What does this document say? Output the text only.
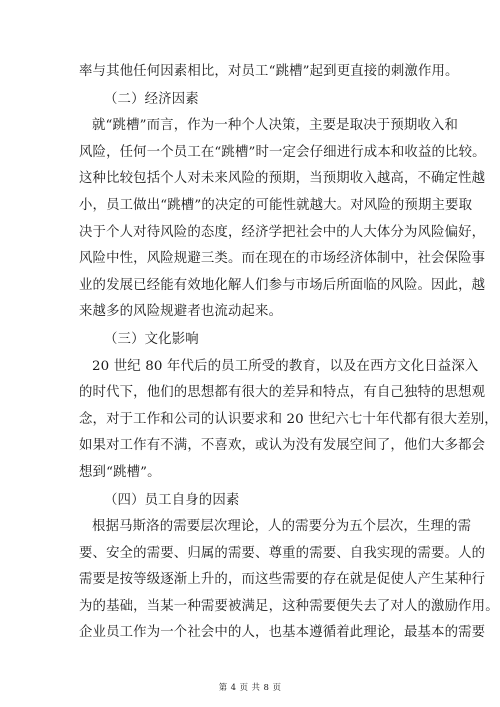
率与其他任何因素相比，对员工“跳槽”起到更直接的刺激作用。
（二）经济因素
就“跳槽”而言，作为一种个人决策，主要是取决于预期收入和
风险，任何一个员工在“跳槽”时一定会仔细进行成本和收益的比较。
这种比较包括个人对未来风险的预期，当预期收入越高，不确定性越
小，员工做出“跳槽”的决定的可能性就越大。对风险的预期主要取
决于个人对待风险的态度，经济学把社会中的人大体分为风险偏好，
风险中性，风险规避三类。而在现在的市场经济体制中，社会保险事
业的发展已经能有效地化解人们参与市场后所面临的风险。因此，越
来越多的风险规避者也流动起来。
（三）文化影响
20 世纪 80 年代后的员工所受的教育，以及在西方文化日益深入
的时代下，他们的思想都有很大的差异和特点，有自己独特的思想观
念，对于工作和公司的认识要求和 20 世纪六七十年代都有很大差别，
如果对工作有不满，不喜欢，或认为没有发展空间了，他们大多都会
想到“跳槽”。
（四）员工自身的因素
根据马斯洛的需要层次理论，人的需要分为五个层次，生理的需
要、安全的需要、归属的需要、尊重的需要、自我实现的需要。人的
需要是按等级逐渐上升的，而这些需要的存在就是促使人产生某种行
为的基础，当某一种需要被满足，这种需要便失去了对人的激励作用。
企业员工作为一个社会中的人，也基本遵循着此理论，最基本的需要
第 4 页 共 8 页
